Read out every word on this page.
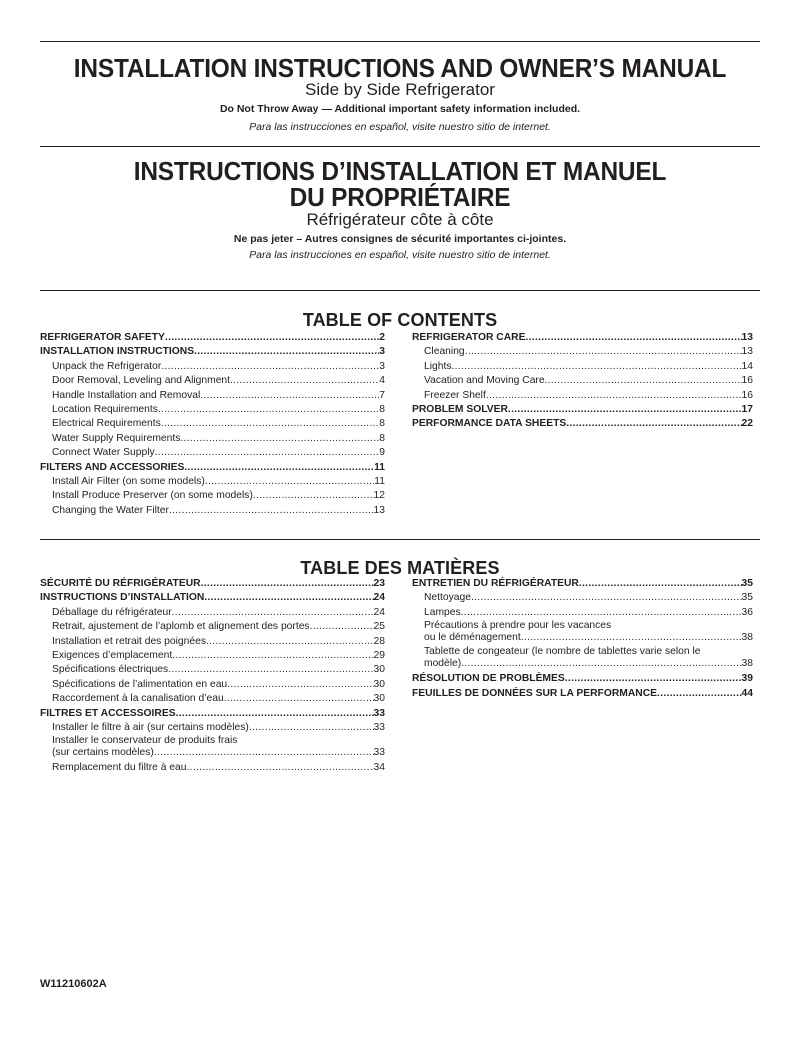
INSTALLATION INSTRUCTIONS AND OWNER’S MANUAL
Side by Side Refrigerator
Do Not Throw Away — Additional important safety information included.
Para las instrucciones en español, visite nuestro sitio de internet.
INSTRUCTIONS D’INSTALLATION ET MANUEL
DU PROPRIÉTAIRE
Réfrigérateur côte à côte
Ne pas jeter – Autres consignes de sécurité importantes ci-jointes.
Para las instrucciones en español, visite nuestro sitio de internet.
TABLE OF CONTENTS
REFRIGERATOR SAFETY .....	2
INSTALLATION INSTRUCTIONS .....	3
Unpack the Refrigerator .....	3
Door Removal, Leveling and Alignment .....	4
Handle Installation and Removal .....	7
Location Requirements .....	8
Electrical Requirements .....	8
Water Supply Requirements .....	8
Connect Water Supply .....	9
FILTERS AND ACCESSORIES .....	11
Install Air Filter (on some models) .....	11
Install Produce Preserver (on some models) .....	12
Changing the Water Filter .....	13
REFRIGERATOR CARE .....	13
Cleaning .....	13
Lights .....	14
Vacation and Moving Care .....	16
Freezer Shelf .....	16
PROBLEM SOLVER .....	17
PERFORMANCE DATA SHEETS .....	22
TABLE DES MATIÈRES
SÉCURITÉ DU RÉFRIGÉRATEUR .....	23
INSTRUCTIONS D’INSTALLATION .....	24
Déballage du réfrigérateur .....	24
Retrait, ajustement de l’aplomb et alignement des portes .....	25
Installation et retrait des poignées .....	28
Exigences d’emplacement .....	29
Spécifications électriques .....	30
Spécifications de l’alimentation en eau .....	30
Raccordement à la canalisation d’eau .....	30
FILTRES ET ACCESSOIRES .....	33
Installer le filtre à air (sur certains modèles) .....	33
Installer le conservateur de produits frais
(sur certains modèles) .....	33
Remplacement du filtre à eau .....	34
ENTRETIEN DU RÉFRIGÉRATEUR .....	35
Nettoyage .....	35
Lampes .....	36
Précautions à prendre pour les vacances
ou le déménagement .....	38
Tablette de congeateur (le nombre de tablettes varie selon le
modèle) .....	38
RÉSOLUTION DE PROBLÈMES .....	39
FEUILLES DE DONNÉES SUR LA PERFORMANCE .....	44
W11210602A
